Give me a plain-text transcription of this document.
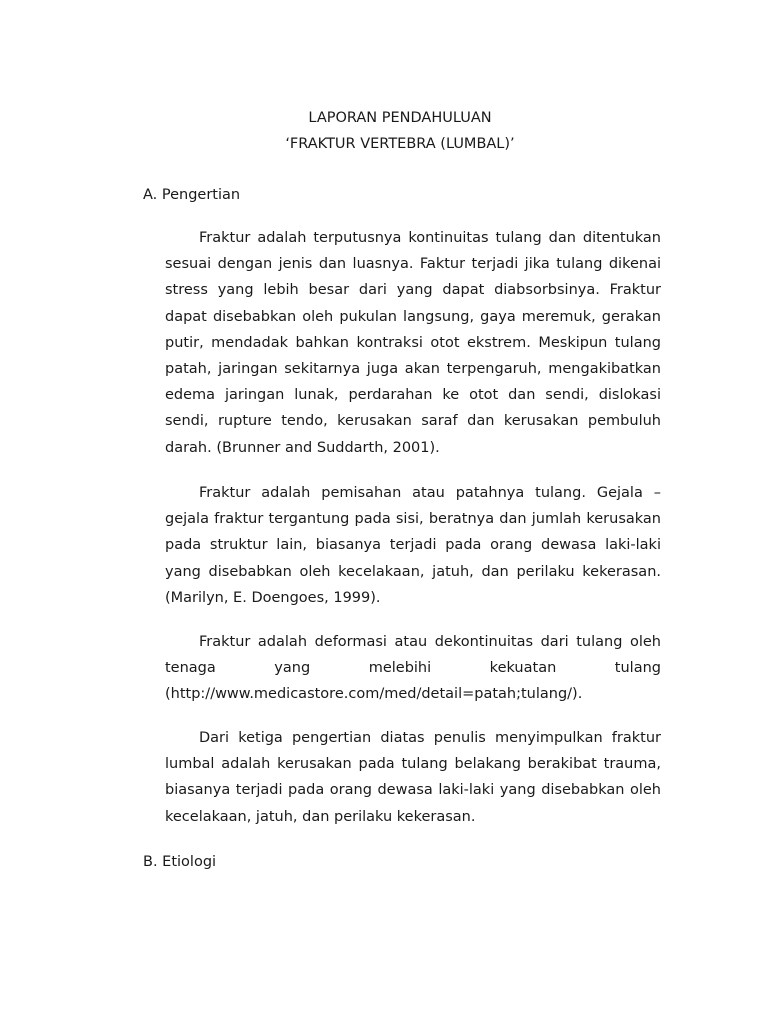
LAPORAN PENDAHULUAN
‘FRAKTUR VERTEBRA (LUMBAL)’
A. Pengertian

Fraktur adalah terputusnya kontinuitas tulang dan ditentukan sesuai dengan jenis dan luasnya. Faktur terjadi jika tulang dikenai stress yang lebih besar dari yang dapat diabsorbsinya. Fraktur dapat disebabkan oleh pukulan langsung, gaya meremuk, gerakan putir, mendadak bahkan kontraksi otot ekstrem. Meskipun tulang patah, jaringan sekitarnya juga akan terpengaruh, mengakibatkan edema jaringan lunak, perdarahan ke otot dan sendi, dislokasi sendi, rupture tendo, kerusakan saraf dan kerusakan pembuluh darah. (Brunner and Suddarth, 2001).

Fraktur adalah pemisahan atau patahnya tulang. Gejala – gejala fraktur tergantung pada sisi, beratnya dan jumlah kerusakan pada struktur lain, biasanya terjadi pada orang dewasa laki-laki yang disebabkan oleh kecelakaan, jatuh, dan perilaku kekerasan. (Marilyn, E. Doengoes, 1999).

Fraktur adalah deformasi atau dekontinuitas dari tulang oleh tenaga yang melebihi kekuatan tulang (http://www.medicastore.com/med/detail=patah;tulang/).

Dari ketiga pengertian diatas penulis menyimpulkan fraktur lumbal adalah kerusakan pada tulang belakang berakibat trauma, biasanya terjadi pada orang dewasa laki-laki yang disebabkan oleh kecelakaan, jatuh, dan perilaku kekerasan.

B. Etiologi
